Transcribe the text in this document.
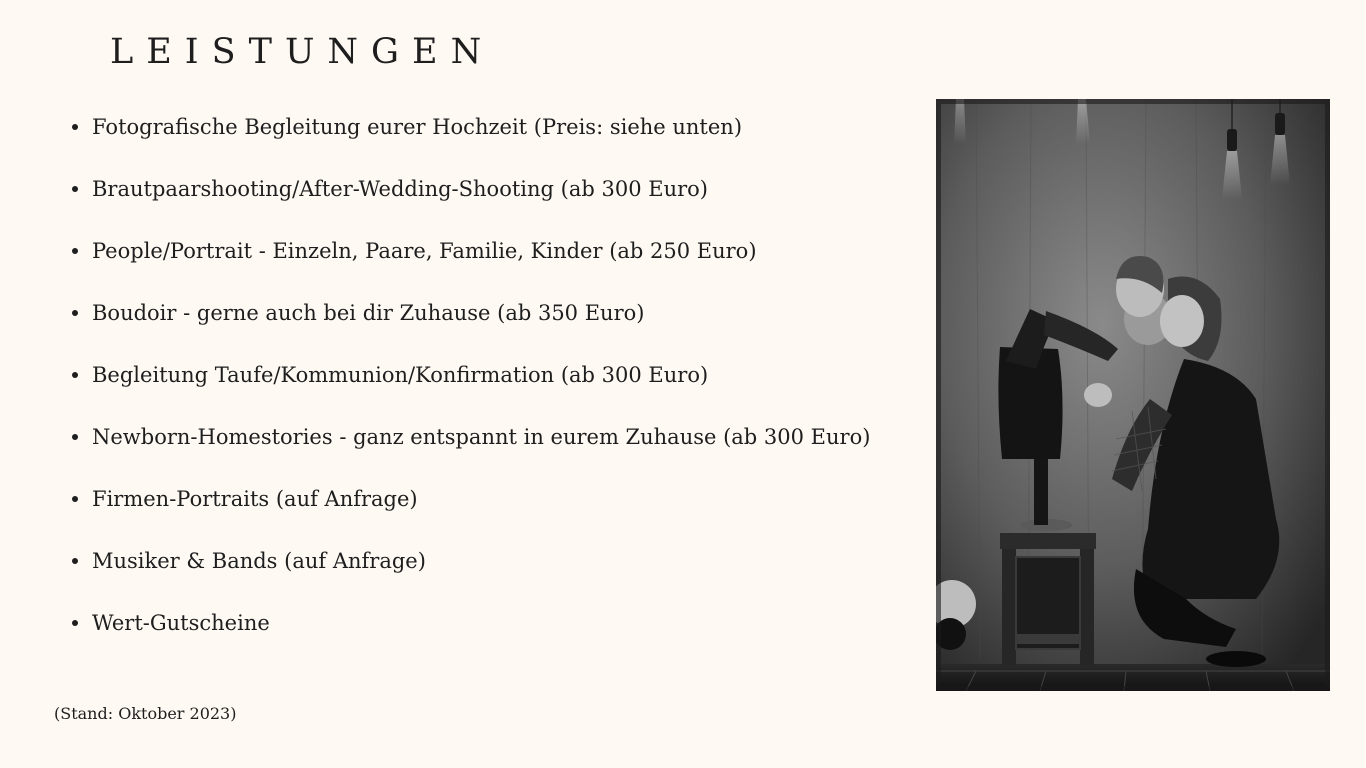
LEISTUNGEN
Fotografische Begleitung eurer Hochzeit (Preis: siehe unten)
Brautpaarshooting/After-Wedding-Shooting (ab 300 Euro)
People/Portrait - Einzeln, Paare, Familie, Kinder (ab 250 Euro)
Boudoir - gerne auch bei dir Zuhause (ab 350 Euro)
Begleitung Taufe/Kommunion/Konfirmation (ab 300 Euro)
Newborn-Homestories - ganz entspannt in eurem Zuhause (ab 300 Euro)
Firmen-Portraits (auf Anfrage)
Musiker & Bands (auf Anfrage)
Wert-Gutscheine
(Stand: Oktober 2023)
